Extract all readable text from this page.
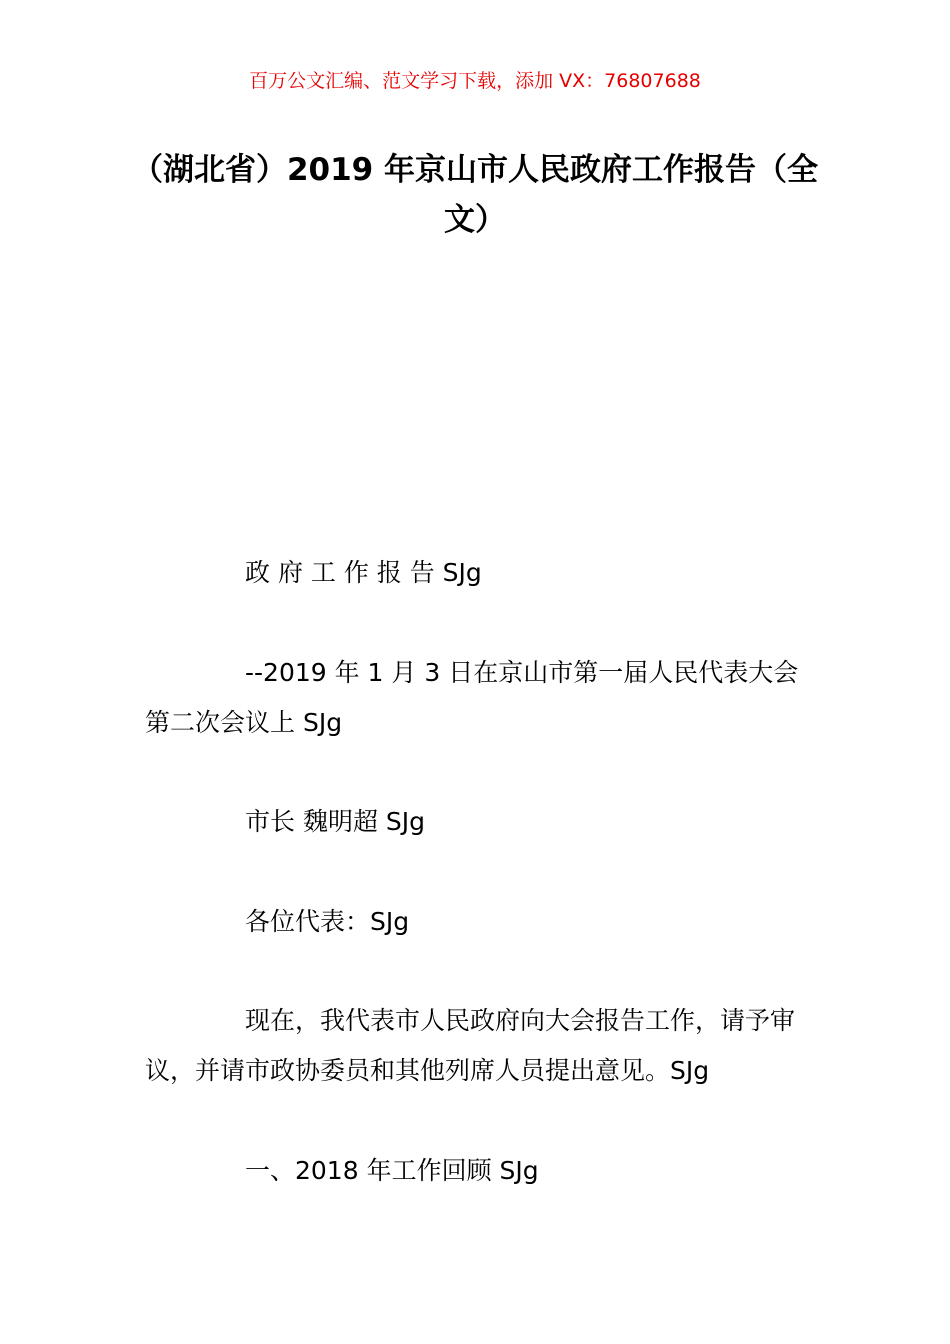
百万公文汇编、范文学习下载，添加 VX：76807688
（湖北省）2019 年京山市人民政府工作报告（全文）

政 府 工 作 报 告 SJg

--2019 年 1 月 3 日在京山市第一届人民代表大会第二次会议上 SJg

市长 魏明超 SJg

各位代表：SJg

现在，我代表市人民政府向大会报告工作，请予审议，并请市政协委员和其他列席人员提出意见。SJg

一、2018 年工作回顾 SJg
